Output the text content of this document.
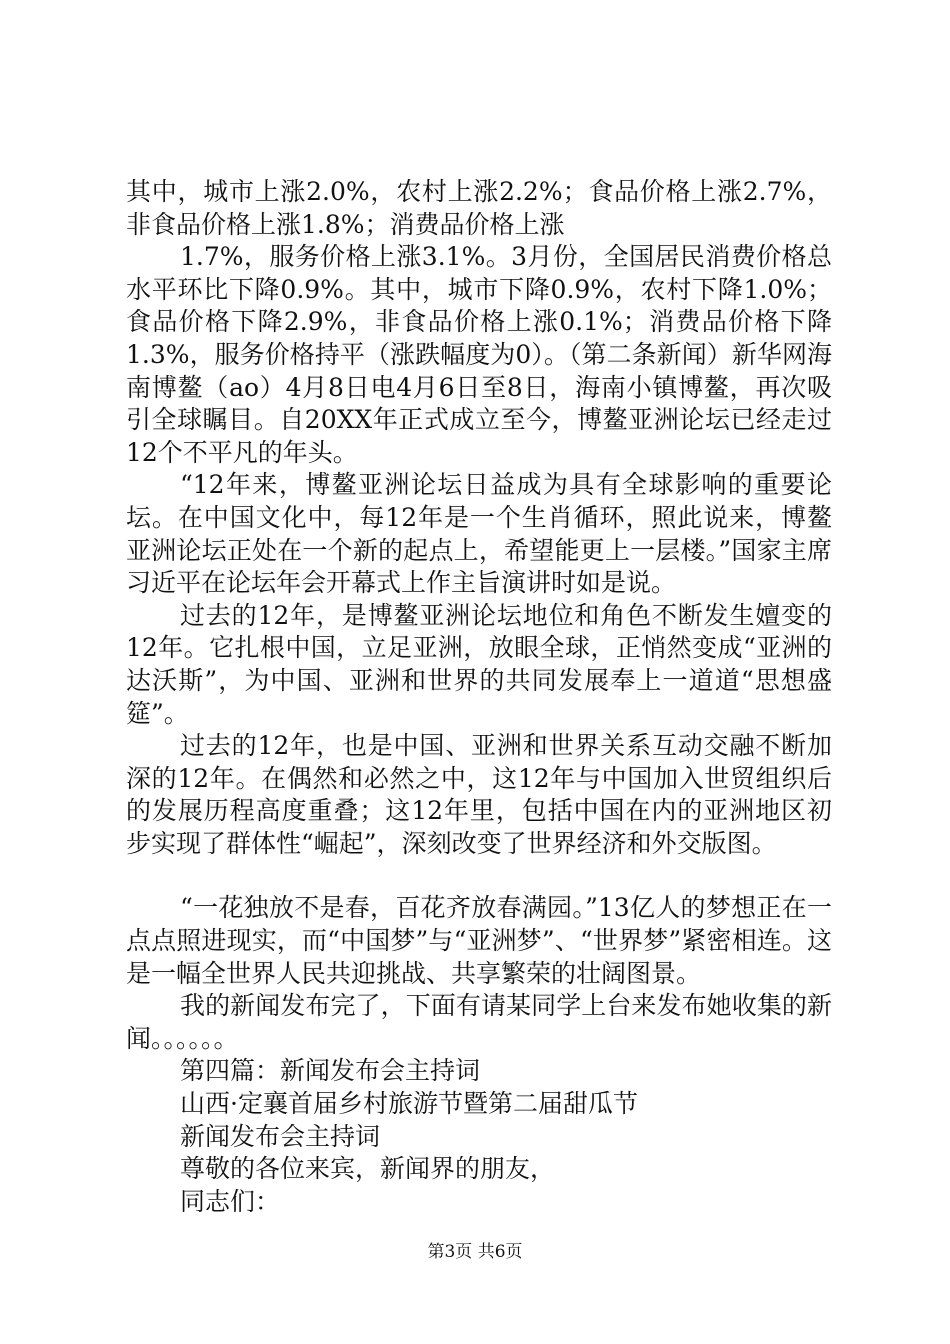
其中，城市上涨2.0%，农村上涨2.2%；食品价格上涨2.7%，非食品价格上涨1.8%；消费品价格上涨

1.7%，服务价格上涨3.1%。3月份，全国居民消费价格总水平环比下降0.9%。其中，城市下降0.9%，农村下降1.0%；食品价格下降2.9%，非食品价格上涨0.1%；消费品价格下降1.3%，服务价格持平（涨跌幅度为0）。（第二条新闻）新华网海南博鳌（ao）4月8日电4月6日至8日，海南小镇博鳌，再次吸引全球瞩目。自20XX年正式成立至今，博鳌亚洲论坛已经走过12个不平凡的年头。

“12年来，博鳌亚洲论坛日益成为具有全球影响的重要论坛。在中国文化中，每12年是一个生肖循环，照此说来，博鳌亚洲论坛正处在一个新的起点上，希望能更上一层楼。”国家主席习近平在论坛年会开幕式上作主旨演讲时如是说。

过去的12年，是博鳌亚洲论坛地位和角色不断发生嬗变的12年。它扎根中国，立足亚洲，放眼全球，正悄然变成“亚洲的达沃斯”，为中国、亚洲和世界的共同发展奉上一道道“思想盛筵”。

过去的12年，也是中国、亚洲和世界关系互动交融不断加深的12年。在偶然和必然之中，这12年与中国加入世贸组织后的发展历程高度重叠；这12年里，包括中国在内的亚洲地区初步实现了群体性“崛起”，深刻改变了世界经济和外交版图。

“一花独放不是春，百花齐放春满园。”13亿人的梦想正在一点点照进现实，而“中国梦”与“亚洲梦”、“世界梦”紧密相连。这是一幅全世界人民共迎挑战、共享繁荣的壮阔图景。

我的新闻发布完了，下面有请某同学上台来发布她收集的新闻。。。。。。

第四篇：新闻发布会主持词

山西·定襄首届乡村旅游节暨第二届甜瓜节

新闻发布会主持词

尊敬的各位来宾，新闻界的朋友，

同志们：

第3页 共6页
